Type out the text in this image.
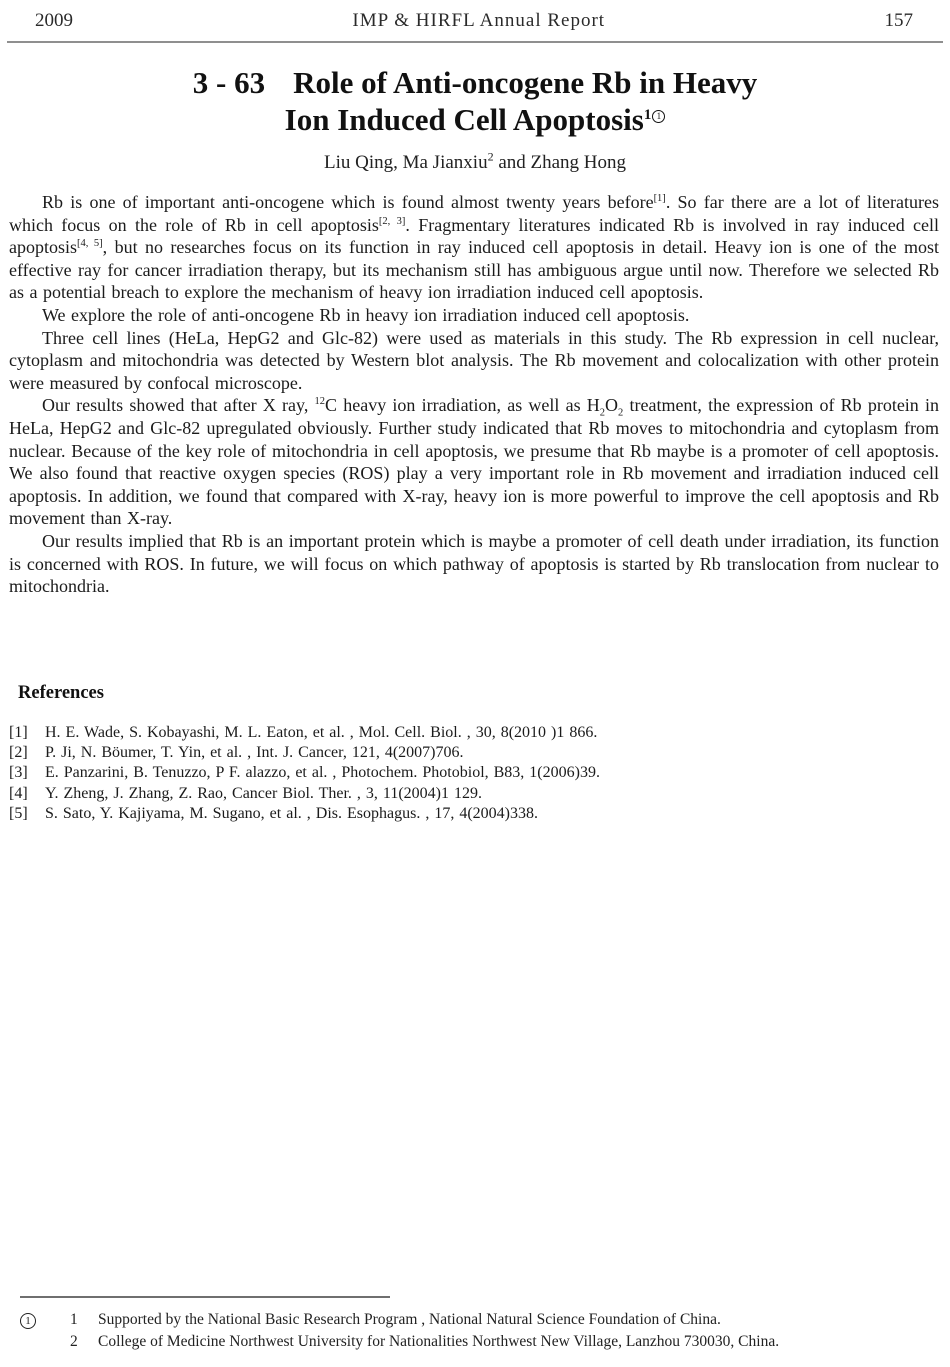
2009	IMP & HIRFL Annual Report	157
3 - 63 Role of Anti-oncogene Rb in Heavy
Ion Induced Cell Apoptosis$^{1 1}$
Liu Qing, Ma Jianxiu$^2$ and Zhang Hong

Rb is one of important anti-oncogene which is found almost twenty years before[1]. So far there are a lot of literatures which focus on the role of Rb in cell apoptosis[2, 3]. Fragmentary literatures indicated Rb is involved in ray induced cell apoptosis[4, 5], but no researches focus on its function in ray induced cell apoptosis in detail. Heavy ion is one of the most effective ray for cancer irradiation therapy, but its mechanism still has ambiguous argue until now. Therefore we selected Rb as a potential breach to explore the mechanism of heavy ion irradiation induced cell apoptosis.

We explore the role of anti-oncogene Rb in heavy ion irradiation induced cell apoptosis.

Three cell lines (HeLa, HepG2 and Glc-82) were used as materials in this study. The Rb expression in cell nuclear, cytoplasm and mitochondria was detected by Western blot analysis. The Rb movement and colocalization with other protein were measured by confocal microscope.

Our results showed that after X ray, $^{12}$C heavy ion irradiation, as well as $H_2O_2$ treatment, the expression of Rb protein in HeLa, HepG2 and Glc-82 upregulated obviously. Further study indicated that Rb moves to mitochondria and cytoplasm from nuclear. Because of the key role of mitochondria in cell apoptosis, we presume that Rb maybe is a promoter of cell apoptosis. We also found that reactive oxygen species (ROS) play a very important role in Rb movement and irradiation induced cell apoptosis. In addition, we found that compared with X-ray, heavy ion is more powerful to improve the cell apoptosis and Rb movement than X-ray.

Our results implied that Rb is an important protein which is maybe a promoter of cell death under irradiation, its function is concerned with ROS. In future, we will focus on which pathway of apoptosis is started by Rb translocation from nuclear to mitochondria.

References
[1]	H. E. Wade, S. Kobayashi, M. L. Eaton, et al. , Mol. Cell. Biol. , 30, 8(2010 )1 866.
[2]	P. Ji, N. Böumer, T. Yin, et al. , Int. J. Cancer, 121, 4(2007)706.
[3]	E. Panzarini, B. Tenuzzo, P F. alazzo, et al. , Photochem. Photobiol, B83, 1(2006)39.
[4]	Y. Zheng, J. Zhang, Z. Rao, Cancer Biol. Ther. , 3, 11(2004)1 129.
[5]	S. Sato, Y. Kajiyama, M. Sugano, et al. , Dis. Esophagus. , 17, 4(2004)338.
1	1	Supported by the National Basic Research Program , National Natural Science Foundation of China.
2	College of Medicine Northwest University for Nationalities Northwest New Village, Lanzhou 730030, China.
